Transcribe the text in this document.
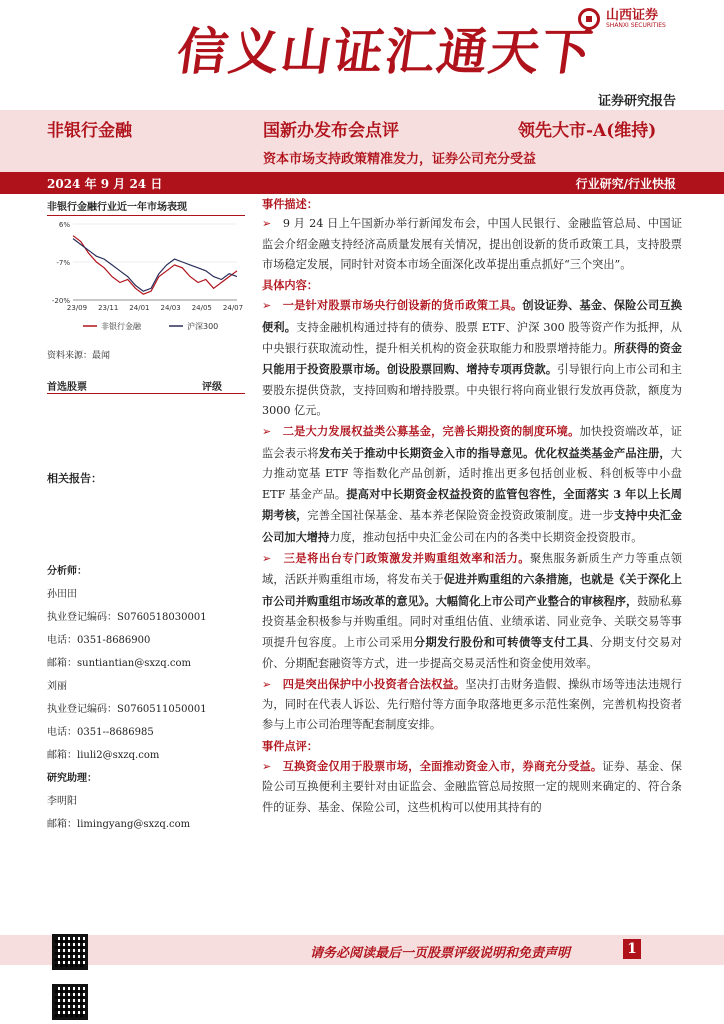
信义山证汇通天下
山西证券
SHANXI SECURITIES
证券研究报告
非银行金融	国新办发布会点评	领先大市-A(维持)
资本市场支持政策精准发力，证券公司充分受益
2024 年 9 月 24 日	行业研究/行业快报
非银行金融行业近一年市场表现
6%
-7%
-20%
23/09 23/11 24/01 24/03 24/05 24/07
非银行金融	沪深300
资料来源：最闻
首选股票	评级
相关报告：
分析师：
孙田田
执业登记编码：S0760518030001
电话：0351-8686900
邮箱：suntiantian@sxzq.com
刘丽
执业登记编码：S0760511050001
电话：0351--8686985
邮箱：liuli2@sxzq.com
研究助理：
李明阳
邮箱：limingyang@sxzq.com
事件描述：

➢ 9 月 24 日上午国新办举行新闻发布会，中国人民银行、金融监管总局、中国证监会介绍金融支持经济高质量发展有关情况，提出创设新的货币政策工具，支持股票市场稳定发展，同时针对资本市场全面深化改革提出重点抓好“三个突出”。

具体内容：

➢ 一是针对股票市场央行创设新的货币政策工具。创设证券、基金、保险公司互换便利。支持金融机构通过持有的债券、股票 ETF、沪深 300 股等资产作为抵押，从中央银行获取流动性，提升相关机构的资金获取能力和股票增持能力。所获得的资金只能用于投资股票市场。创设股票回购、增持专项再贷款。引导银行向上市公司和主要股东提供贷款，支持回购和增持股票。中央银行将向商业银行发放再贷款，额度为 3000 亿元。

➢ 二是大力发展权益类公募基金，完善长期投资的制度环境。加快投资端改革，证监会表示将发布关于推动中长期资金入市的指导意见。优化权益类基金产品注册，大力推动宽基 ETF 等指数化产品创新，适时推出更多包括创业板、科创板等中小盘 ETF 基金产品。提高对中长期资金权益投资的监管包容性，全面落实 3 年以上长周期考核，完善全国社保基金、基本养老保险资金投资政策制度。进一步支持中央汇金公司加大增持力度，推动包括中央汇金公司在内的各类中长期资金投资股市。

➢ 三是将出台专门政策激发并购重组效率和活力。聚焦服务新质生产力等重点领域，活跃并购重组市场，将发布关于促进并购重组的六条措施，也就是《关于深化上市公司并购重组市场改革的意见》。大幅简化上市公司产业整合的审核程序，鼓励私募投资基金积极参与并购重组。同时对重组估值、业绩承诺、同业竞争、关联交易等事项提升包容度。上市公司采用分期发行股份和可转债等支付工具、分期支付交易对价、分期配套融资等方式，进一步提高交易灵活性和资金使用效率。

➢ 四是突出保护中小投资者合法权益。坚决打击财务造假、操纵市场等违法违规行为，同时在代表人诉讼、先行赔付等方面争取落地更多示范性案例，完善机构投资者参与上市公司治理等配套制度安排。

事件点评：

➢ 互换资金仅用于股票市场，全面推动资金入市，券商充分受益。证券、基金、保险公司互换便利主要针对由证监会、金融监管总局按照一定的规则来确定的、符合条件的证券、基金、保险公司，这些机构可以使用其持有的

请务必阅读最后一页股票评级说明和免责声明	1
